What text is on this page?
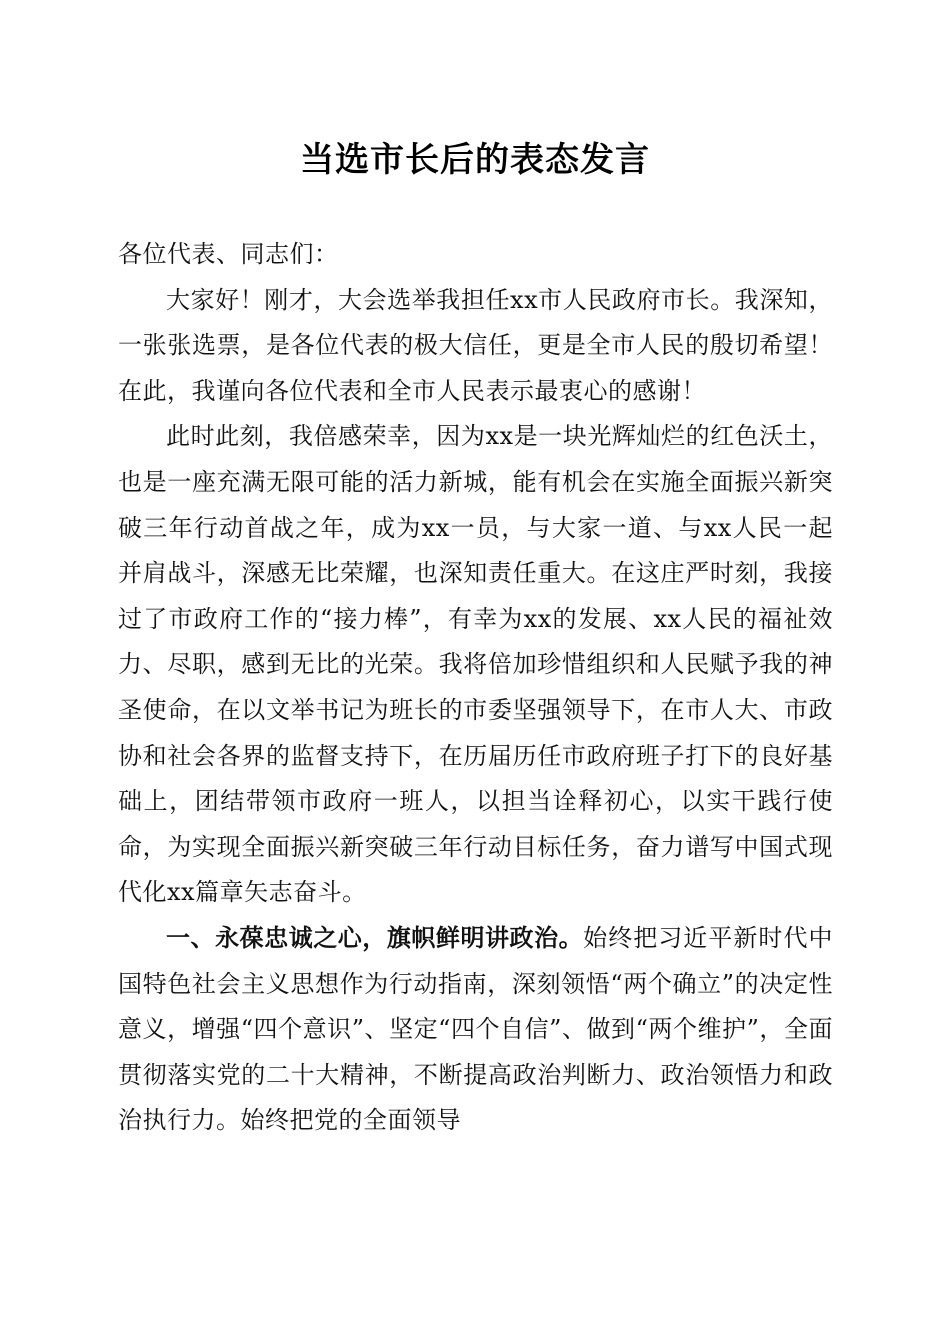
当选市长后的表态发言

各位代表、同志们：

大家好！刚才，大会选举我担任xx市人民政府市长。我深知，一张张选票，是各位代表的极大信任，更是全市人民的殷切希望！在此，我谨向各位代表和全市人民表示最衷心的感谢！

此时此刻，我倍感荣幸，因为xx是一块光辉灿烂的红色沃土，也是一座充满无限可能的活力新城，能有机会在实施全面振兴新突破三年行动首战之年，成为xx一员，与大家一道、与xx人民一起并肩战斗，深感无比荣耀，也深知责任重大。在这庄严时刻，我接过了市政府工作的“接力棒”，有幸为xx的发展、xx人民的福祉效力、尽职，感到无比的光荣。我将倍加珍惜组织和人民赋予我的神圣使命，在以文举书记为班长的市委坚强领导下，在市人大、市政协和社会各界的监督支持下，在历届历任市政府班子打下的良好基础上，团结带领市政府一班人，以担当诠释初心，以实干践行使命，为实现全面振兴新突破三年行动目标任务，奋力谱写中国式现代化xx篇章矢志奋斗。

一、永葆忠诚之心，旗帜鲜明讲政治。始终把习近平新时代中国特色社会主义思想作为行动指南，深刻领悟“两个确立”的决定性意义，增强“四个意识”、坚定“四个自信”、做到“两个维护”，全面贯彻落实党的二十大精神，不断提高政治判断力、政治领悟力和政治执行力。始终把党的全面领导
